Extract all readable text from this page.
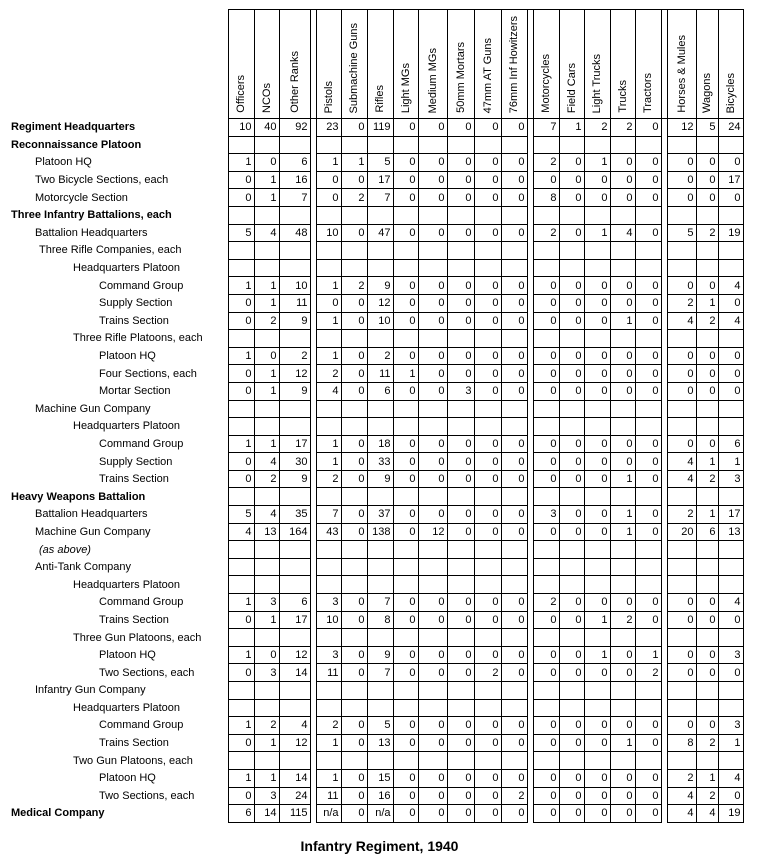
	Officers	NCOs	Other Ranks		Pistols	Submachine Guns	Rifles	Light MGs	Medium MGs	50mm Mortars	47mm AT Guns	76mm Inf Howitzers		Motorcycles	Field Cars	Light Trucks	Trucks	Tractors		Horses & Mules	Wagons	Bicycles
Regiment Headquarters	10	40	92		23	0	119	0	0	0	0	0		7	1	2	2	0		12	5	24
Reconnaissance Platoon																						
Platoon HQ	1	0	6		1	1	5	0	0	0	0	0		2	0	1	0	0		0	0	0
Two Bicycle Sections, each	0	1	16		0	0	17	0	0	0	0	0		0	0	0	0	0		0	0	17
Motorcycle Section	0	1	7		0	2	7	0	0	0	0	0		8	0	0	0	0		0	0	0
Three Infantry Battalions, each																						
Battalion Headquarters	5	4	48		10	0	47	0	0	0	0	0		2	0	1	4	0		5	2	19
Three Rifle Companies, each																						
Headquarters Platoon																						
Command Group	1	1	10		1	2	9	0	0	0	0	0		0	0	0	0	0		0	0	4
Supply Section	0	1	11		0	0	12	0	0	0	0	0		0	0	0	0	0		2	1	0
Trains Section	0	2	9		1	0	10	0	0	0	0	0		0	0	0	1	0		4	2	4
Three Rifle Platoons, each																						
Platoon HQ	1	0	2		1	0	2	0	0	0	0	0		0	0	0	0	0		0	0	0
Four Sections, each	0	1	12		2	0	11	1	0	0	0	0		0	0	0	0	0		0	0	0
Mortar Section	0	1	9		4	0	6	0	0	3	0	0		0	0	0	0	0		0	0	0
Machine Gun Company																						
Headquarters Platoon																						
Command Group	1	1	17		1	0	18	0	0	0	0	0		0	0	0	0	0		0	0	6
Supply Section	0	4	30		1	0	33	0	0	0	0	0		0	0	0	0	0		4	1	1
Trains Section	0	2	9		2	0	9	0	0	0	0	0		0	0	0	1	0		4	2	3
Heavy Weapons Battalion																						
Battalion Headquarters	5	4	35		7	0	37	0	0	0	0	0		3	0	0	1	0		2	1	17
Machine Gun Company	4	13	164		43	0	138	0	12	0	0	0		0	0	0	1	0		20	6	13
(as above)																						
Anti-Tank Company																						
Headquarters Platoon																						
Command Group	1	3	6		3	0	7	0	0	0	0	0		2	0	0	0	0		0	0	4
Trains Section	0	1	17		10	0	8	0	0	0	0	0		0	0	1	2	0		0	0	0
Three Gun Platoons, each																						
Platoon HQ	1	0	12		3	0	9	0	0	0	0	0		0	0	1	0	1		0	0	3
Two Sections, each	0	3	14		11	0	7	0	0	0	2	0		0	0	0	0	2		0	0	0
Infantry Gun Company																						
Headquarters Platoon																						
Command Group	1	2	4		2	0	5	0	0	0	0	0		0	0	0	0	0		0	0	3
Trains Section	0	1	12		1	0	13	0	0	0	0	0		0	0	0	1	0		8	2	1
Two Gun Platoons, each																						
Platoon HQ	1	1	14		1	0	15	0	0	0	0	0		0	0	0	0	0		2	1	4
Two Sections, each	0	3	24		11	0	16	0	0	0	0	2		0	0	0	0	0		4	2	0
Medical Company	6	14	115		n/a	0	n/a	0	0	0	0	0		0	0	0	0	0		4	4	19
Infantry Regiment, 1940
